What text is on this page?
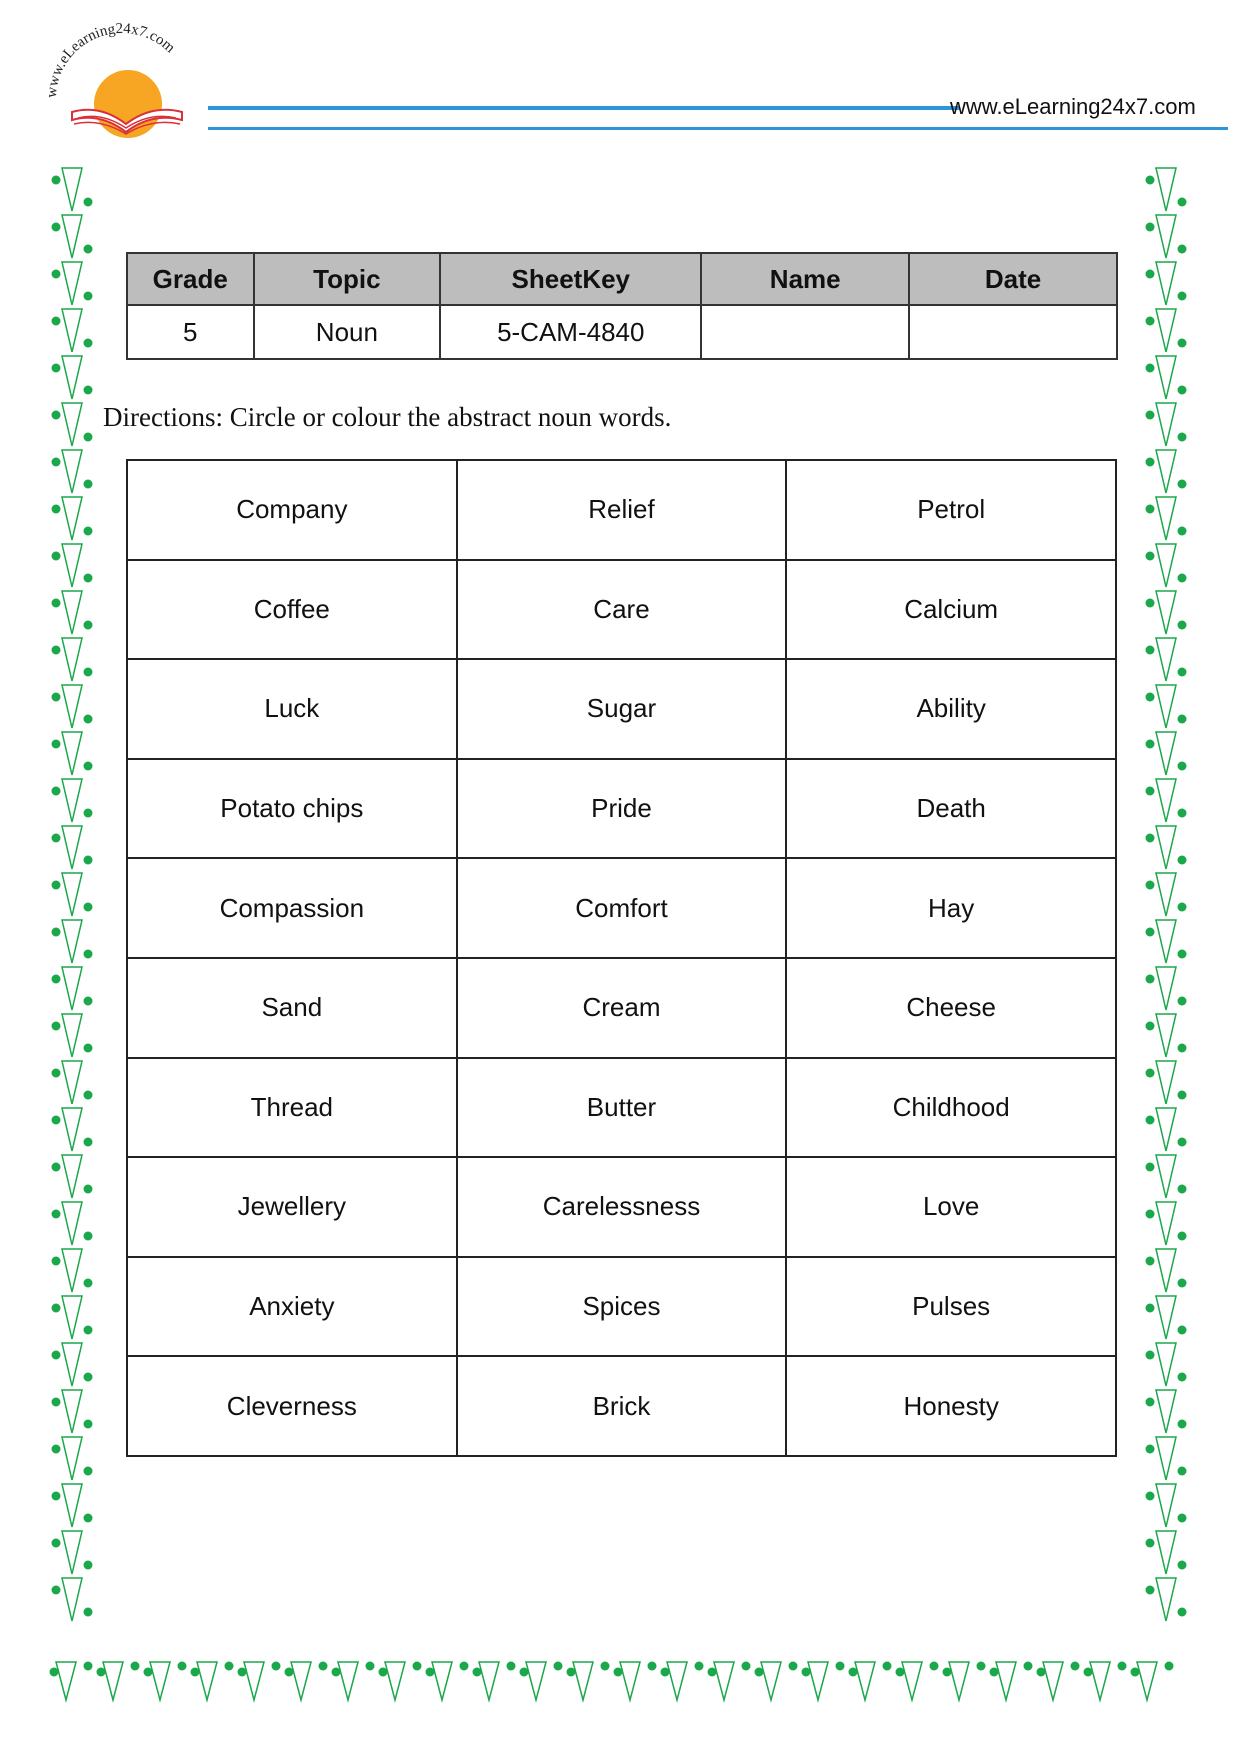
www.eLearning24x7.com
www.eLearning24x7.com
Grade	Topic	SheetKey	Name	Date
5	Noun	5-CAM-4840		
Directions: Circle or colour the abstract noun words.
Company	Relief	Petrol
Coffee	Care	Calcium
Luck	Sugar	Ability
Potato chips	Pride	Death
Compassion	Comfort	Hay
Sand	Cream	Cheese
Thread	Butter	Childhood
Jewellery	Carelessness	Love
Anxiety	Spices	Pulses
Cleverness	Brick	Honesty
